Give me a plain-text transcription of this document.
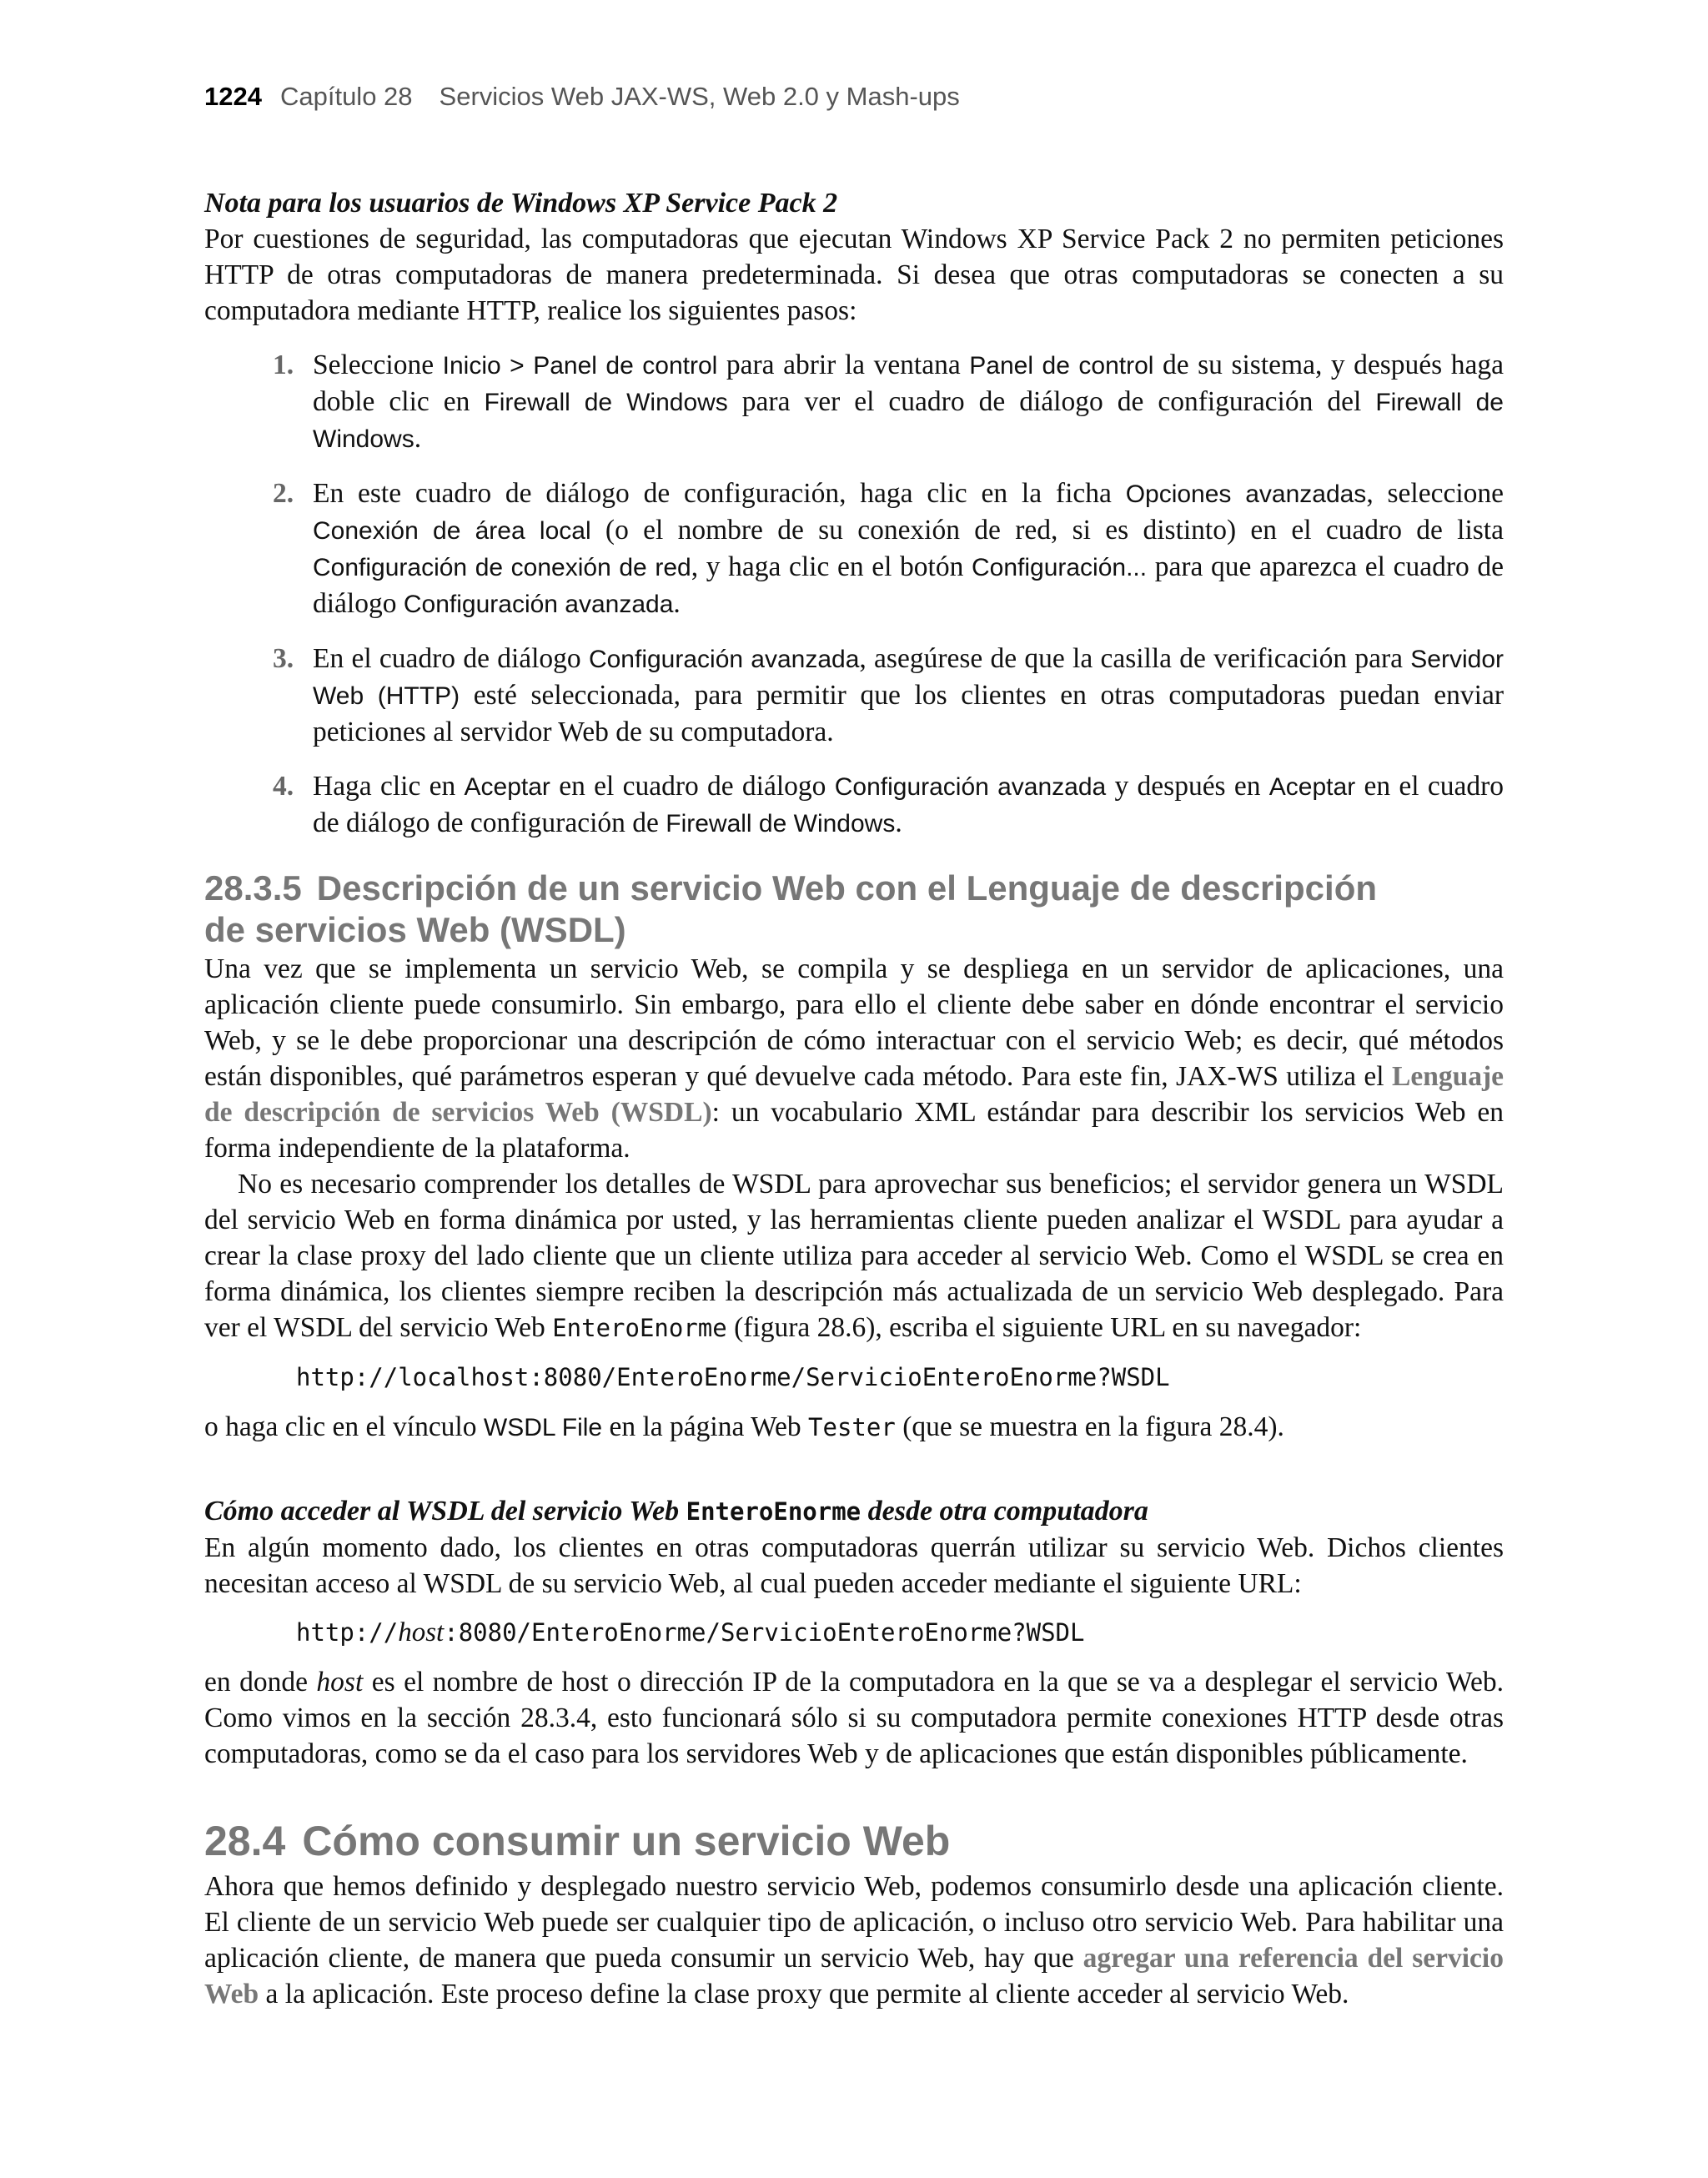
1224 Capítulo 28 Servicios Web JAX-WS, Web 2.0 y Mash-ups

Nota para los usuarios de Windows XP Service Pack 2

Por cuestiones de seguridad, las computadoras que ejecutan Windows XP Service Pack 2 no permiten peticiones HTTP de otras computadoras de manera predeterminada. Si desea que otras computadoras se conecten a su computadora mediante HTTP, realice los siguientes pasos:

1. Seleccione Inicio > Panel de control para abrir la ventana Panel de control de su sistema, y después haga doble clic en Firewall de Windows para ver el cuadro de diálogo de configuración del Firewall de Windows.
2. En este cuadro de diálogo de configuración, haga clic en la ficha Opciones avanzadas, seleccione Conexión de área local (o el nombre de su conexión de red, si es distinto) en el cuadro de lista Configuración de conexión de red, y haga clic en el botón Configuración... para que aparezca el cuadro de diálogo Configuración avanzada.
3. En el cuadro de diálogo Configuración avanzada, asegúrese de que la casilla de verificación para Servidor Web (HTTP) esté seleccionada, para permitir que los clientes en otras computadoras puedan enviar peticiones al servidor Web de su computadora.
4. Haga clic en Aceptar en el cuadro de diálogo Configuración avanzada y después en Aceptar en el cuadro de diálogo de configuración de Firewall de Windows.
28.3.5 Descripción de un servicio Web con el Lenguaje de descripción
de servicios Web (WSDL)

Una vez que se implementa un servicio Web, se compila y se despliega en un servidor de aplicaciones, una aplicación cliente puede consumirlo. Sin embargo, para ello el cliente debe saber en dónde encontrar el servicio Web, y se le debe proporcionar una descripción de cómo interactuar con el servicio Web; es decir, qué métodos están disponibles, qué parámetros esperan y qué devuelve cada método. Para este fin, JAX-WS utiliza el Lenguaje de descripción de servicios Web (WSDL): un vocabulario XML estándar para describir los servicios Web en forma independiente de la plataforma.

No es necesario comprender los detalles de WSDL para aprovechar sus beneficios; el servidor genera un WSDL del servicio Web en forma dinámica por usted, y las herramientas cliente pueden analizar el WSDL para ayudar a crear la clase proxy del lado cliente que un cliente utiliza para acceder al servicio Web. Como el WSDL se crea en forma dinámica, los clientes siempre reciben la descripción más actualizada de un servicio Web desplegado. Para ver el WSDL del servicio Web EnteroEnorme (figura 28.6), escriba el siguiente URL en su navegador:

http://localhost:8080/EnteroEnorme/ServicioEnteroEnorme?WSDL

o haga clic en el vínculo WSDL File en la página Web Tester (que se muestra en la figura 28.4).

Cómo acceder al WSDL del servicio Web EnteroEnorme desde otra computadora

En algún momento dado, los clientes en otras computadoras querrán utilizar su servicio Web. Dichos clientes necesitan acceso al WSDL de su servicio Web, al cual pueden acceder mediante el siguiente URL:

http://host:8080/EnteroEnorme/ServicioEnteroEnorme?WSDL

en donde host es el nombre de host o dirección IP de la computadora en la que se va a desplegar el servicio Web. Como vimos en la sección 28.3.4, esto funcionará sólo si su computadora permite conexiones HTTP desde otras computadoras, como se da el caso para los servidores Web y de aplicaciones que están disponibles públicamente.

28.4 Cómo consumir un servicio Web

Ahora que hemos definido y desplegado nuestro servicio Web, podemos consumirlo desde una aplicación cliente. El cliente de un servicio Web puede ser cualquier tipo de aplicación, o incluso otro servicio Web. Para habilitar una aplicación cliente, de manera que pueda consumir un servicio Web, hay que agregar una referencia del servicio Web a la aplicación. Este proceso define la clase proxy que permite al cliente acceder al servicio Web.
